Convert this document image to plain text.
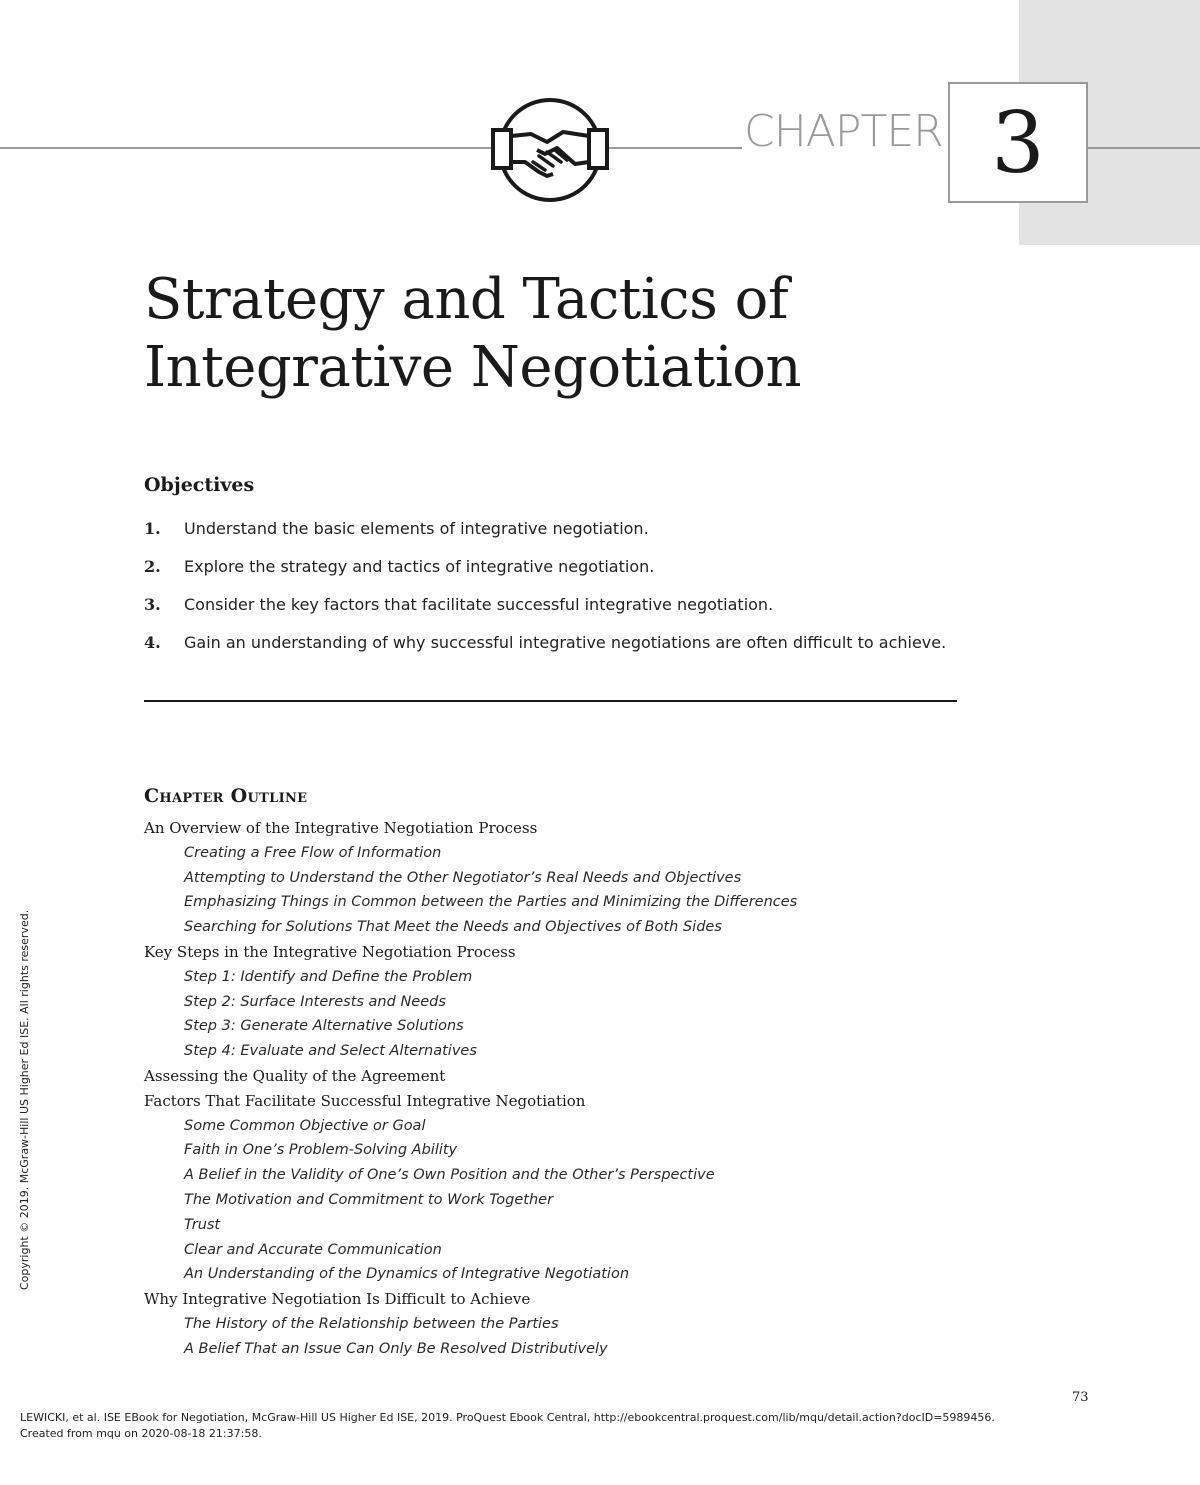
CHAPTER 3
Strategy and Tactics of
Integrative Negotiation
Objectives
1. Understand the basic elements of integrative negotiation.
2. Explore the strategy and tactics of integrative negotiation.
3. Consider the key factors that facilitate successful integrative negotiation.
4. Gain an understanding of why successful integrative negotiations are often difficult to achieve.
Chapter Outline
An Overview of the Integrative Negotiation Process
Creating a Free Flow of Information
Attempting to Understand the Other Negotiator’s Real Needs and Objectives
Emphasizing Things in Common between the Parties and Minimizing the Differences
Searching for Solutions That Meet the Needs and Objectives of Both Sides
Key Steps in the Integrative Negotiation Process
Step 1: Identify and Define the Problem
Step 2: Surface Interests and Needs
Step 3: Generate Alternative Solutions
Step 4: Evaluate and Select Alternatives
Assessing the Quality of the Agreement
Factors That Facilitate Successful Integrative Negotiation
Some Common Objective or Goal
Faith in One’s Problem-Solving Ability
A Belief in the Validity of One’s Own Position and the Other’s Perspective
The Motivation and Commitment to Work Together
Trust
Clear and Accurate Communication
An Understanding of the Dynamics of Integrative Negotiation
Why Integrative Negotiation Is Difficult to Achieve
The History of the Relationship between the Parties
A Belief That an Issue Can Only Be Resolved Distributively
Copyright © 2019. McGraw-Hill US Higher Ed ISE. All rights reserved.
73
LEWICKI, et al. ISE EBook for Negotiation, McGraw-Hill US Higher Ed ISE, 2019. ProQuest Ebook Central, http://ebookcentral.proquest.com/lib/mqu/detail.action?docID=5989456.
Created from mqu on 2020-08-18 21:37:58.
